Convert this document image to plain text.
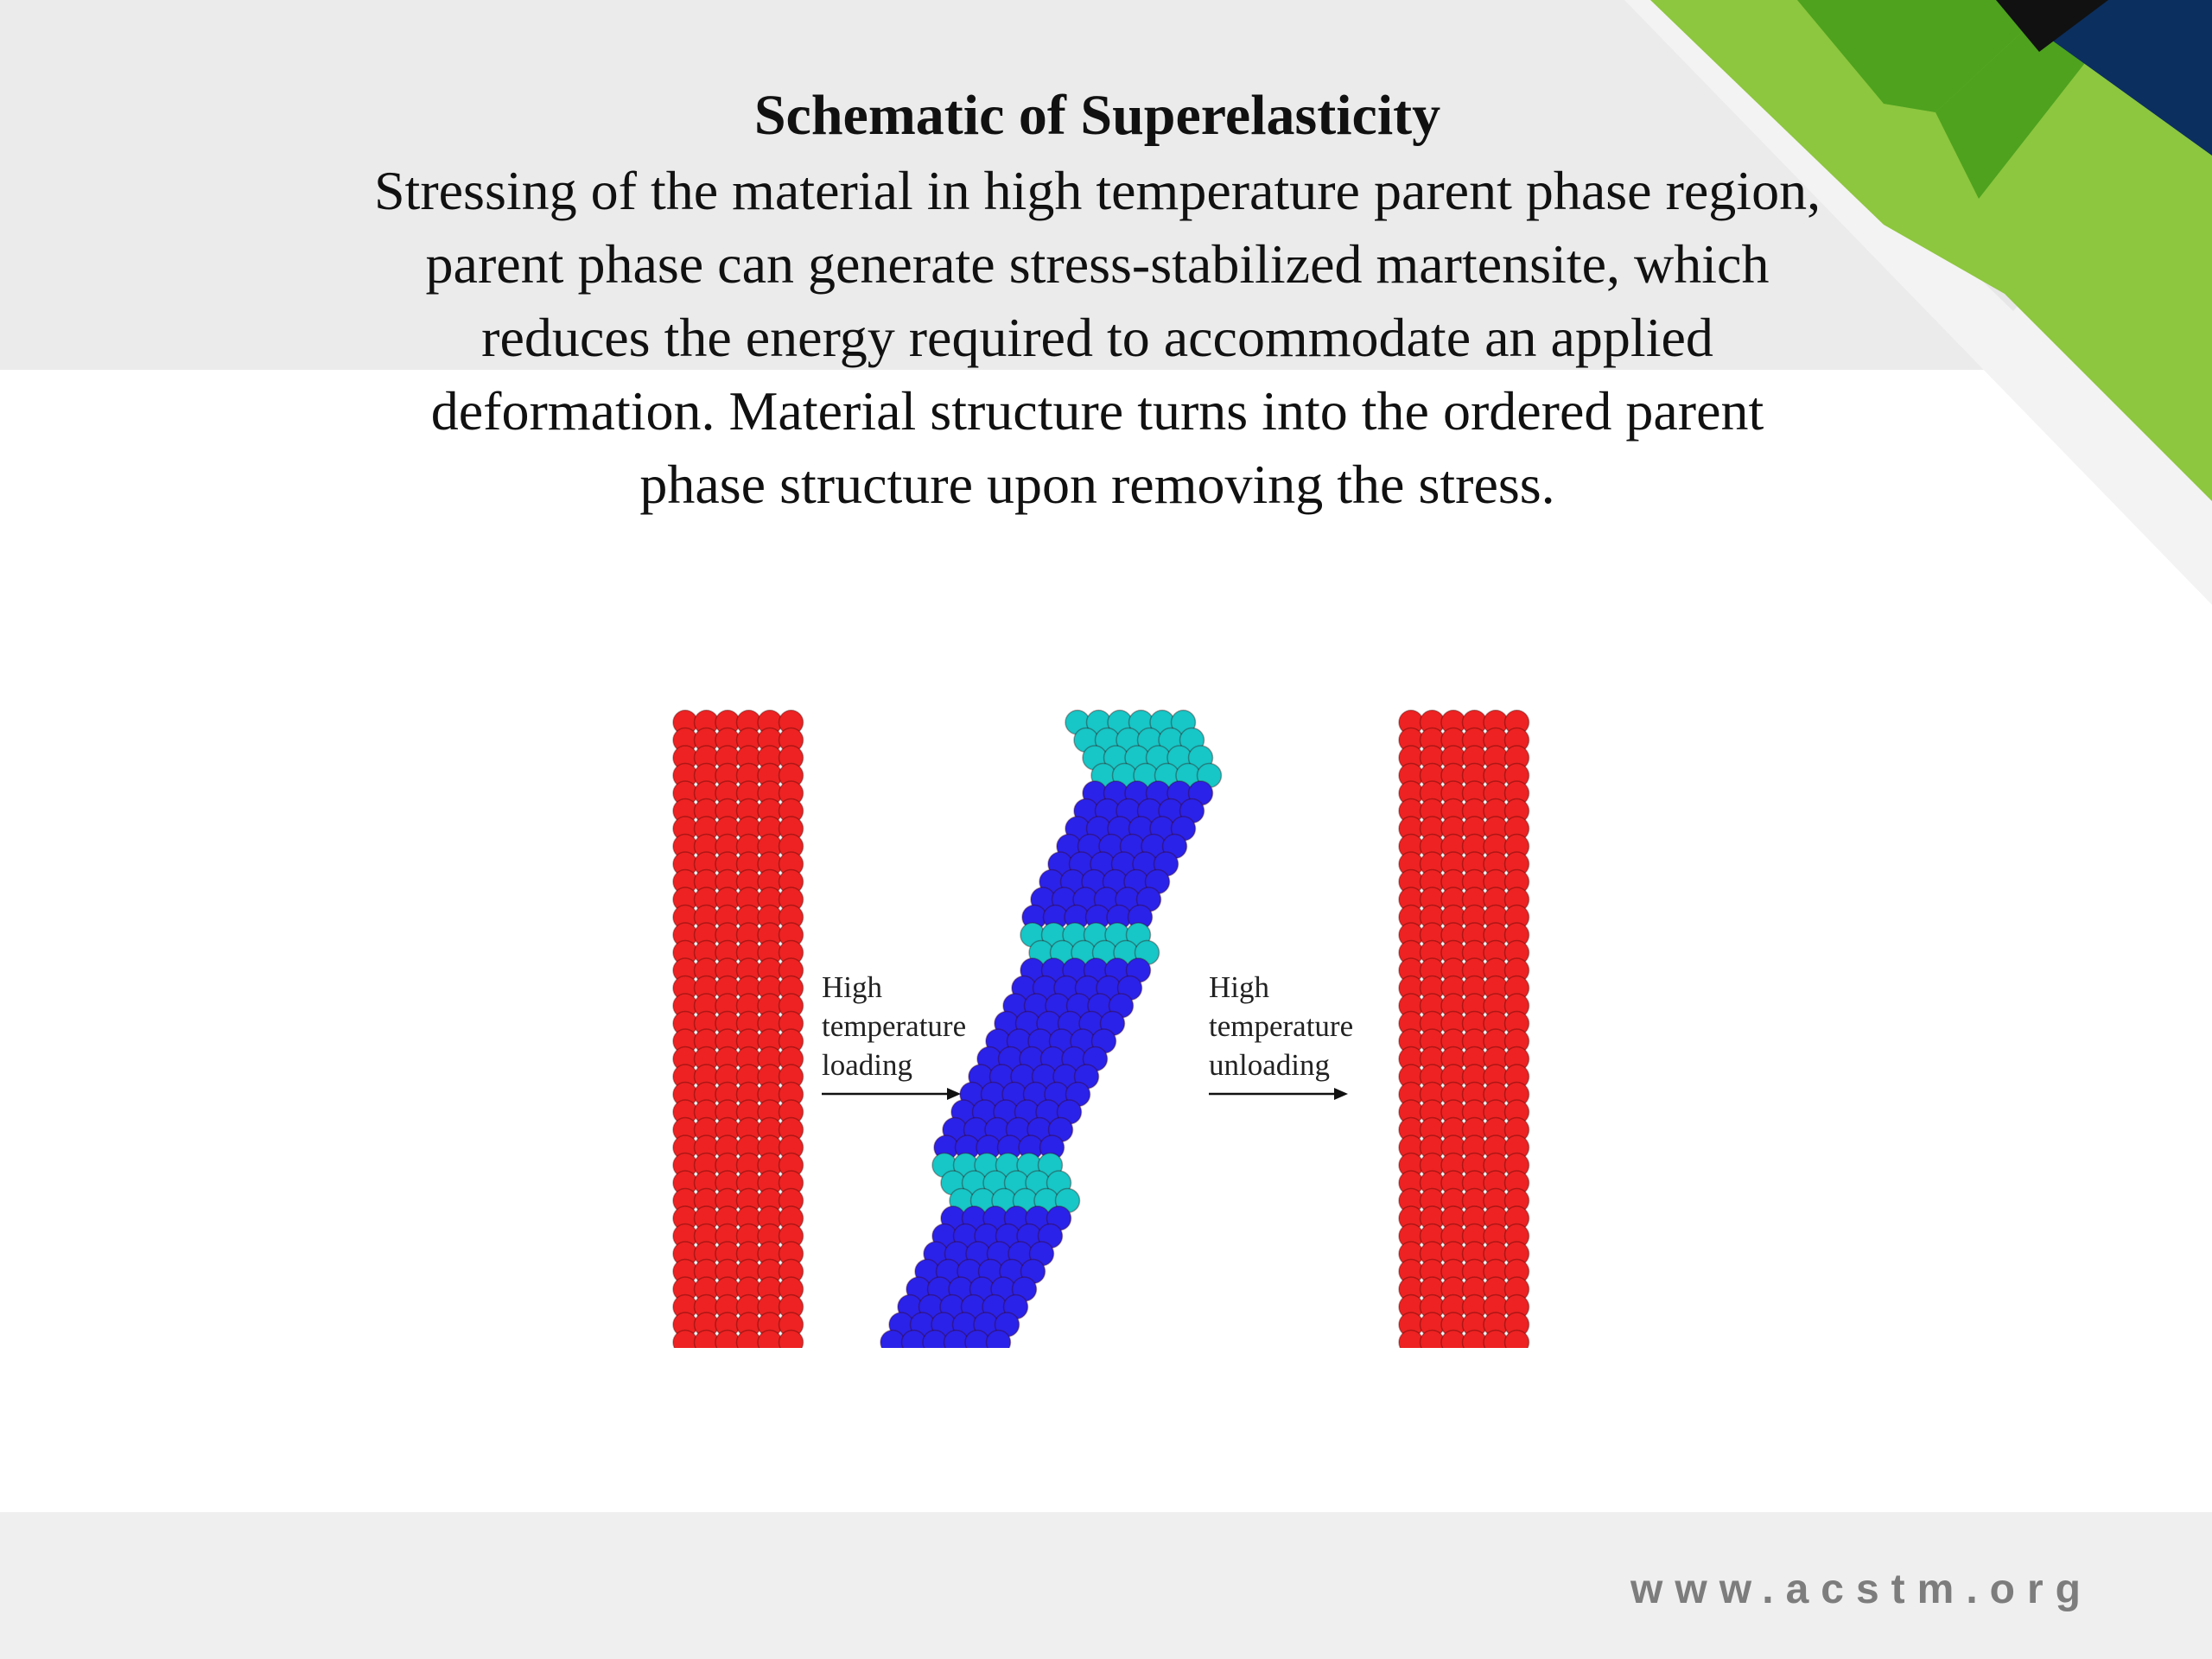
Schematic of Superelasticity
Stressing of the material in high temperature parent phase region, parent phase can generate stress-stabilized martensite, which reduces the energy required to accommodate an applied deformation. Material structure turns into the ordered parent phase structure upon removing the stress.
High
temperature
loading
High
temperature
unloading
www.acstm.org
